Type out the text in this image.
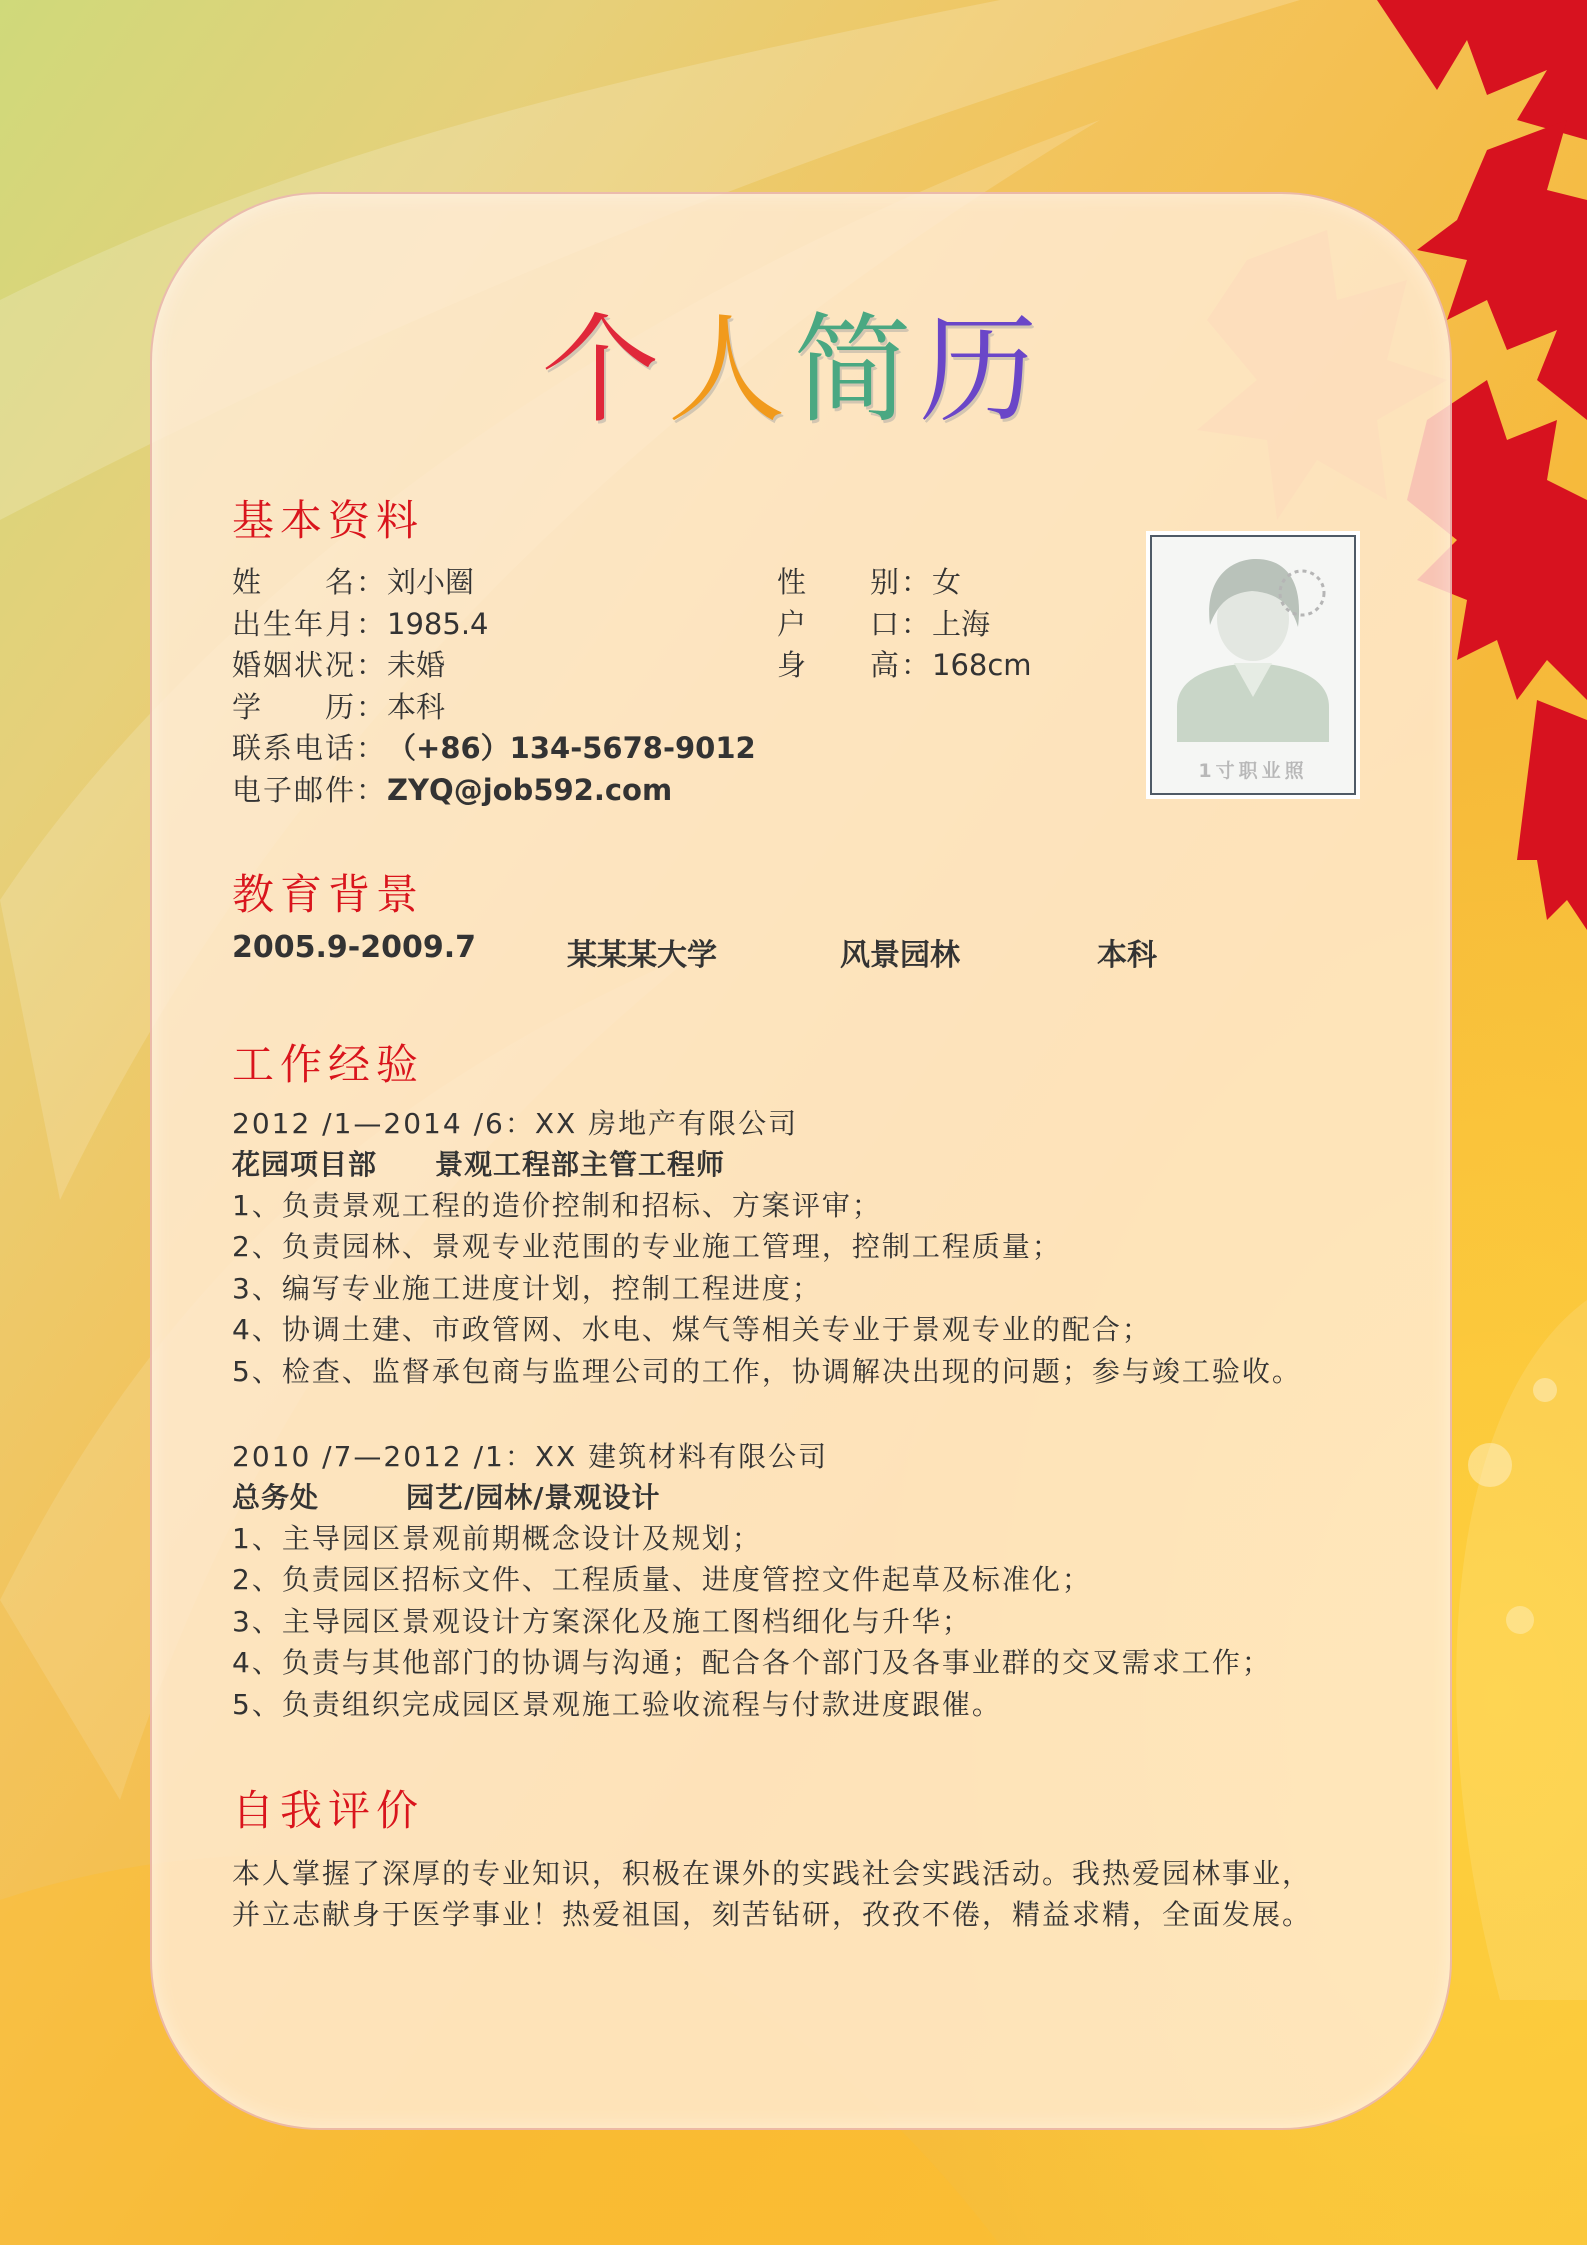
个人简历
基本资料
姓　　名：刘小圈	性　　别：女
出生年月：1985.4	户　　口：上海
婚姻状况：未婚	身　　高：168cm
学　　历：本科
联系电话：（+86）134-5678-9012
电子邮件：ZYQ@job592.com
教育背景
2005.9-2009.7	某某某大学	风景园林	本科
工作经验
2012 /1—2014 /6：XX 房地产有限公司
花园项目部　　景观工程部主管工程师
1、负责景观工程的造价控制和招标、方案评审；
2、负责园林、景观专业范围的专业施工管理，控制工程质量；
3、编写专业施工进度计划，控制工程进度；
4、协调土建、市政管网、水电、煤气等相关专业于景观专业的配合；
5、检查、监督承包商与监理公司的工作，协调解决出现的问题；参与竣工验收。
2010 /7—2012 /1：XX 建筑材料有限公司
总务处　　　园艺/园林/景观设计
1、主导园区景观前期概念设计及规划；
2、负责园区招标文件、工程质量、进度管控文件起草及标准化；
3、主导园区景观设计方案深化及施工图档细化与升华；
4、负责与其他部门的协调与沟通；配合各个部门及各事业群的交叉需求工作；
5、负责组织完成园区景观施工验收流程与付款进度跟催。
自我评价
本人掌握了深厚的专业知识，积极在课外的实践社会实践活动。我热爱园林事业，
并立志献身于医学事业！热爱祖国，刻苦钻研，孜孜不倦，精益求精，全面发展。
1寸职业照
